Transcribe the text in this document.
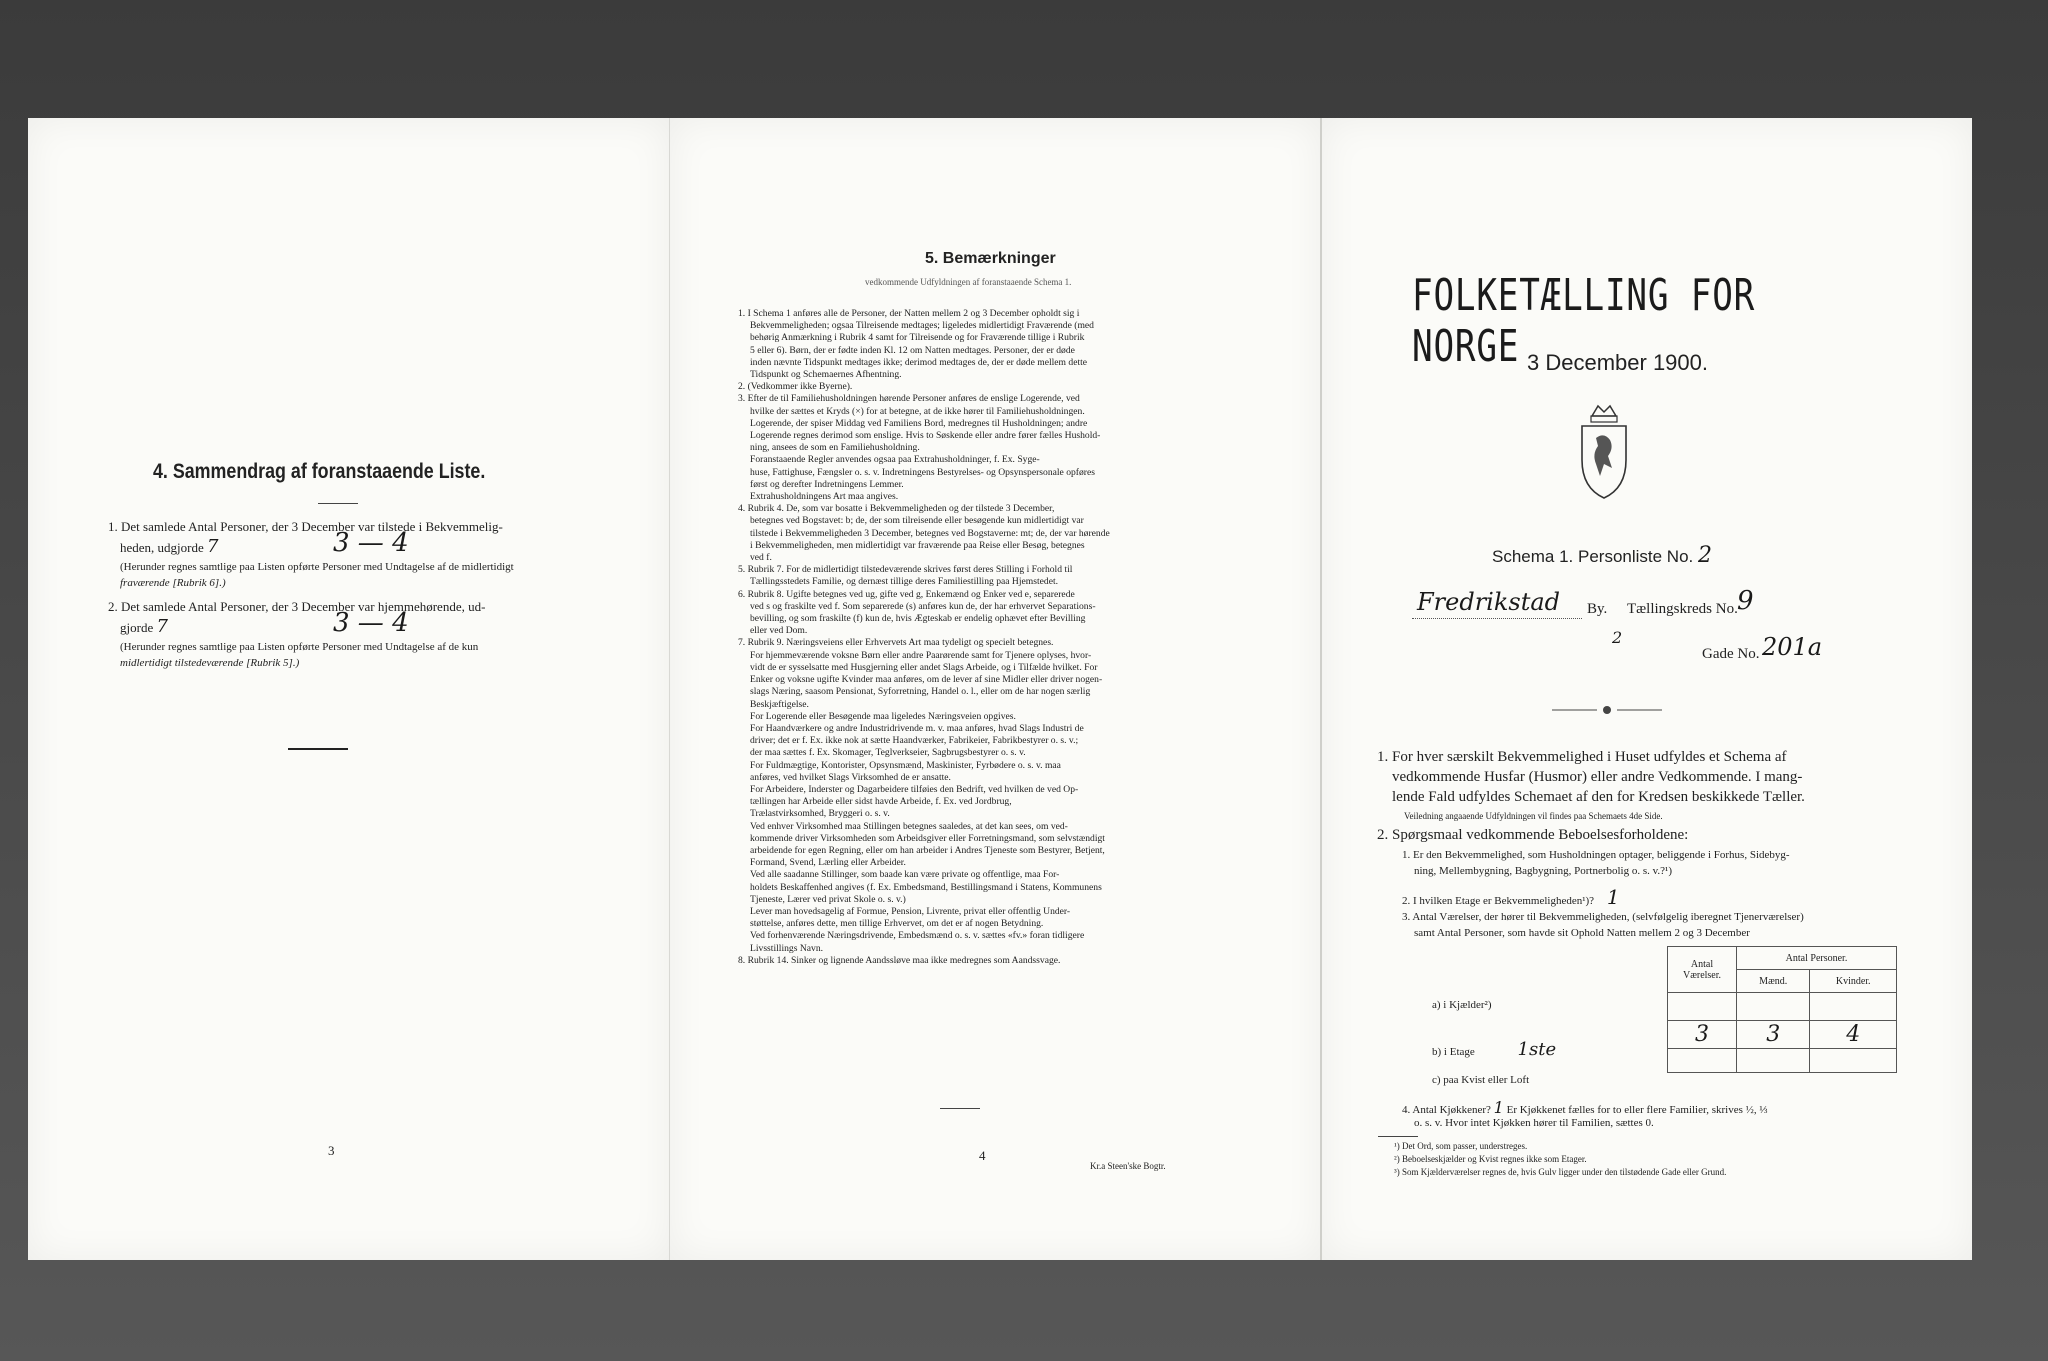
4. Sammendrag af foranstaaende Liste.
1. Det samlede Antal Personer, der 3 December var tilstede i Bekvemmelig-
heden, udgjorde 7	3 — 4
(Herunder regnes samtlige paa Listen opførte Personer med Undtagelse af de midlertidigt
fraværende [Rubrik 6].)
2. Det samlede Antal Personer, der 3 December var hjemmehørende, ud-
gjorde 7	3 — 4
(Herunder regnes samtlige paa Listen opførte Personer med Undtagelse af de kun
midlertidigt tilstedeværende [Rubrik 5].)
3
5. Bemærkninger
vedkommende Udfyldningen af foranstaaende Schema 1.
1. I Schema 1 anføres alle de Personer, der Natten mellem 2 og 3 December opholdt sig i
Bekvemmeligheden; ogsaa Tilreisende medtages; ligeledes midlertidigt Fraværende (med
behørig Anmærkning i Rubrik 4 samt for Tilreisende og for Fraværende tillige i Rubrik
5 eller 6). Børn, der er fødte inden Kl. 12 om Natten medtages. Personer, der er døde
inden nævnte Tidspunkt medtages ikke; derimod medtages de, der er døde mellem dette
Tidspunkt og Schemaernes Afhentning.
2. (Vedkommer ikke Byerne).
3. Efter de til Familiehusholdningen hørende Personer anføres de enslige Logerende, ved
hvilke der sættes et Kryds (×) for at betegne, at de ikke hører til Familiehusholdningen.
Logerende, der spiser Middag ved Familiens Bord, medregnes til Husholdningen; andre
Logerende regnes derimod som enslige. Hvis to Søskende eller andre fører fælles Hushold-
ning, ansees de som en Familiehusholdning.
Foranstaaende Regler anvendes ogsaa paa Extrahusholdninger, f. Ex. Syge-
huse, Fattighuse, Fængsler o. s. v. Indretningens Bestyrelses- og Opsynspersonale opføres
først og derefter Indretningens Lemmer.
Extrahusholdningens Art maa angives.
4. Rubrik 4. De, som var bosatte i Bekvemmeligheden og der tilstede 3 December,
betegnes ved Bogstavet: b; de, der som tilreisende eller besøgende kun midlertidigt var
tilstede i Bekvemmeligheden 3 December, betegnes ved Bogstaverne: mt; de, der var hørende
i Bekvemmeligheden, men midlertidigt var fraværende paa Reise eller Besøg, betegnes
ved f.
5. Rubrik 7. For de midlertidigt tilstedeværende skrives først deres Stilling i Forhold til
Tællingsstedets Familie, og dernæst tillige deres Familiestilling paa Hjemstedet.
6. Rubrik 8. Ugifte betegnes ved ug, gifte ved g, Enkemænd og Enker ved e, separerede
ved s og fraskilte ved f. Som separerede (s) anføres kun de, der har erhvervet Separations-
bevilling, og som fraskilte (f) kun de, hvis Ægteskab er endelig ophævet efter Bevilling
eller ved Dom.
7. Rubrik 9. Næringsveiens eller Erhvervets Art maa tydeligt og specielt betegnes.
For hjemmeværende voksne Børn eller andre Paarørende samt for Tjenere oplyses, hvor-
vidt de er sysselsatte med Husgjerning eller andet Slags Arbeide, og i Tilfælde hvilket. For
Enker og voksne ugifte Kvinder maa anføres, om de lever af sine Midler eller driver nogen-
slags Næring, saasom Pensionat, Syforretning, Handel o. l., eller om de har nogen særlig
Beskjæftigelse.
For Logerende eller Besøgende maa ligeledes Næringsveien opgives.
For Haandværkere og andre Industridrivende m. v. maa anføres, hvad Slags Industri de
driver; det er f. Ex. ikke nok at sætte Haandværker, Fabrikeier, Fabrikbestyrer o. s. v.;
der maa sættes f. Ex. Skomager, Teglverkseier, Sagbrugsbestyrer o. s. v.
For Fuldmægtige, Kontorister, Opsynsmænd, Maskinister, Fyrbødere o. s. v. maa
anføres, ved hvilket Slags Virksomhed de er ansatte.
For Arbeidere, Inderster og Dagarbeidere tilføies den Bedrift, ved hvilken de ved Op-
tællingen har Arbeide eller sidst havde Arbeide, f. Ex. ved Jordbrug,
Trælastvirksomhed, Bryggeri o. s. v.
Ved enhver Virksomhed maa Stillingen betegnes saaledes, at det kan sees, om ved-
kommende driver Virksomheden som Arbeidsgiver eller Forretningsmand, som selvstændigt
arbeidende for egen Regning, eller om han arbeider i Andres Tjeneste som Bestyrer, Betjent,
Formand, Svend, Lærling eller Arbeider.
Ved alle saadanne Stillinger, som baade kan være private og offentlige, maa For-
holdets Beskaffenhed angives (f. Ex. Embedsmand, Bestillingsmand i Statens, Kommunens
Tjeneste, Lærer ved privat Skole o. s. v.)
Lever man hovedsagelig af Formue, Pension, Livrente, privat eller offentlig Under-
støttelse, anføres dette, men tillige Erhvervet, om det er af nogen Betydning.
Ved forhenværende Næringsdrivende, Embedsmænd o. s. v. sættes «fv.» foran tidligere
Livsstillings Navn.
8. Rubrik 14. Sinker og lignende Aandssløve maa ikke medregnes som Aandssvage.
4
Kr.a Steen'ske Bogtr.
FOLKETÆLLING FOR NORGE 3 December 1900.
Schema 1. Personliste No. 2
Fredrikstad By. Tællingskreds No. 9
2
Gade No. 201a
1. For hver særskilt Bekvemmelighed i Huset udfyldes et Schema af
vedkommende Husfar (Husmor) eller andre Vedkommende. I mang-
lende Fald udfyldes Schemaet af den for Kredsen beskikkede Tæller.
Veiledning angaaende Udfyldningen vil findes paa Schemaets 4de Side.
2. Spørgsmaal vedkommende Beboelsesforholdene:
1. Er den Bekvemmelighed, som Husholdningen optager, beliggende i Forhus, Sidebyg-
ning, Mellembygning, Bagbygning, Portnerbolig o. s. v.?¹)
2. I hvilken Etage er Bekvemmeligheden¹)? 1
3. Antal Værelser, der hører til Bekvemmeligheden, (selvfølgelig iberegnet Tjenerværelser)
samt Antal Personer, som havde sit Ophold Natten mellem 2 og 3 December
Antal Værelser.	Antal Personer.	
	Mænd.	Kvinder.

3	3	4

a) i Kjælder²)
b) i Etage 1ste
c) paa Kvist eller Loft
4. Antal Kjøkkener? 1 Er Kjøkkenet fælles for to eller flere Familier, skrives ½, ⅓
o. s. v. Hvor intet Kjøkken hører til Familien, sættes 0.
¹) Det Ord, som passer, understreges.
²) Beboelseskjælder og Kvist regnes ikke som Etager.
³) Som Kjælderværelser regnes de, hvis Gulv ligger under den tilstødende Gade eller Grund.
